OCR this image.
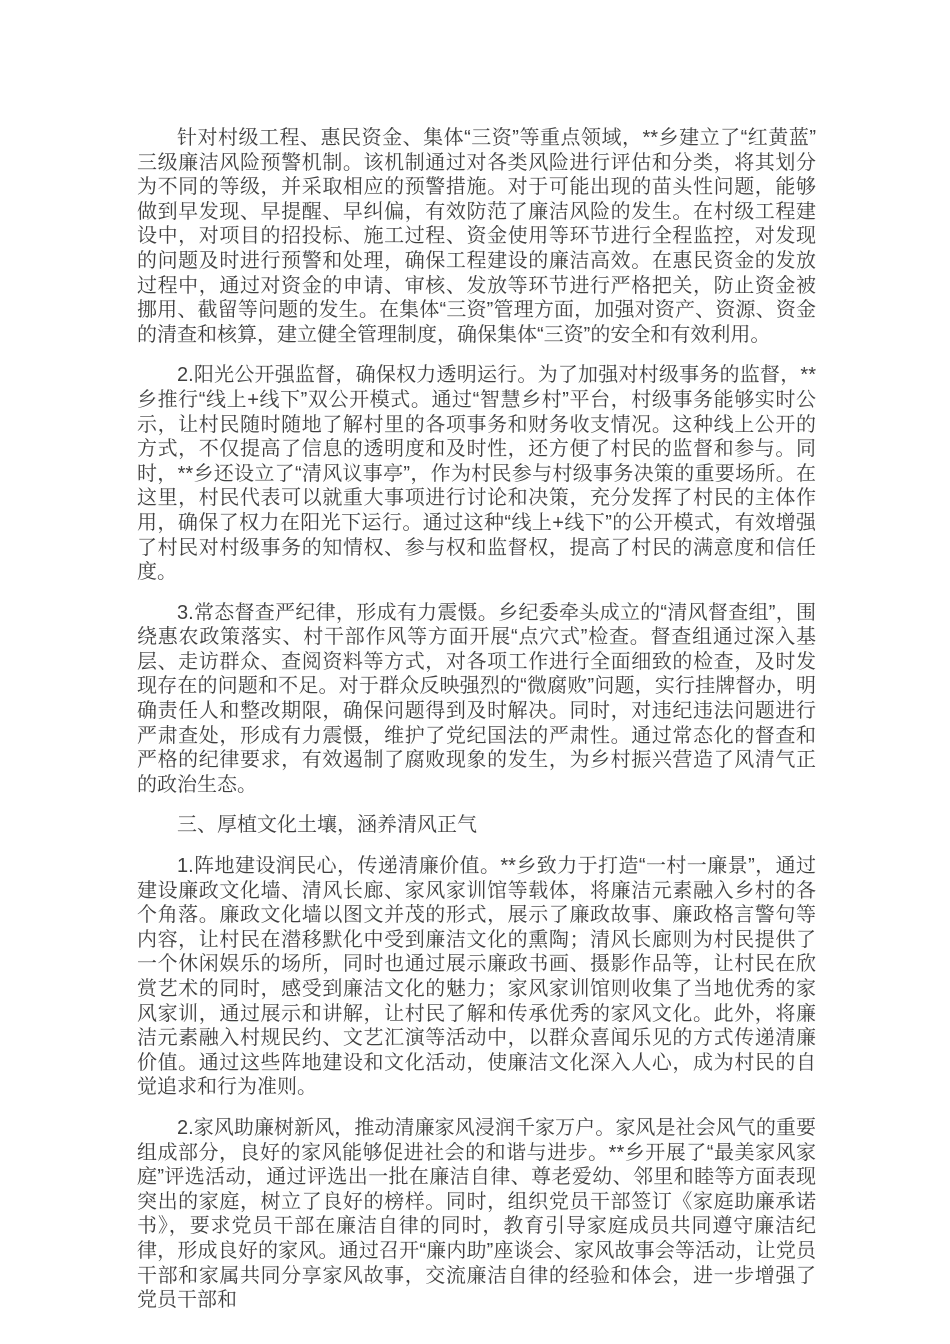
针对村级工程、惠民资金、集体“三资”等重点领域，**乡建立了“红黄蓝”三级廉洁风险预警机制。该机制通过对各类风险进行评估和分类，将其划分为不同的等级，并采取相应的预警措施。对于可能出现的苗头性问题，能够做到早发现、早提醒、早纠偏，有效防范了廉洁风险的发生。在村级工程建设中，对项目的招投标、施工过程、资金使用等环节进行全程监控，对发现的问题及时进行预警和处理，确保工程建设的廉洁高效。在惠民资金的发放过程中，通过对资金的申请、审核、发放等环节进行严格把关，防止资金被挪用、截留等问题的发生。在集体“三资”管理方面，加强对资产、资源、资金的清查和核算，建立健全管理制度，确保集体“三资”的安全和有效利用。

2.阳光公开强监督，确保权力透明运行。为了加强对村级事务的监督，**乡推行“线上+线下”双公开模式。通过“智慧乡村”平台，村级事务能够实时公示，让村民随时随地了解村里的各项事务和财务收支情况。这种线上公开的方式，不仅提高了信息的透明度和及时性，还方便了村民的监督和参与。同时，**乡还设立了“清风议事亭”，作为村民参与村级事务决策的重要场所。在这里，村民代表可以就重大事项进行讨论和决策，充分发挥了村民的主体作用，确保了权力在阳光下运行。通过这种“线上+线下”的公开模式，有效增强了村民对村级事务的知情权、参与权和监督权，提高了村民的满意度和信任度。

3.常态督查严纪律，形成有力震慑。乡纪委牵头成立的“清风督查组”，围绕惠农政策落实、村干部作风等方面开展“点穴式”检查。督查组通过深入基层、走访群众、查阅资料等方式，对各项工作进行全面细致的检查，及时发现存在的问题和不足。对于群众反映强烈的“微腐败”问题，实行挂牌督办，明确责任人和整改期限，确保问题得到及时解决。同时，对违纪违法问题进行严肃查处，形成有力震慑，维护了党纪国法的严肃性。通过常态化的督查和严格的纪律要求，有效遏制了腐败现象的发生，为乡村振兴营造了风清气正的政治生态。

三、厚植文化土壤，涵养清风正气

1.阵地建设润民心，传递清廉价值。**乡致力于打造“一村一廉景”，通过建设廉政文化墙、清风长廊、家风家训馆等载体，将廉洁元素融入乡村的各个角落。廉政文化墙以图文并茂的形式，展示了廉政故事、廉政格言警句等内容，让村民在潜移默化中受到廉洁文化的熏陶；清风长廊则为村民提供了一个休闲娱乐的场所，同时也通过展示廉政书画、摄影作品等，让村民在欣赏艺术的同时，感受到廉洁文化的魅力；家风家训馆则收集了当地优秀的家风家训，通过展示和讲解，让村民了解和传承优秀的家风文化。此外，将廉洁元素融入村规民约、文艺汇演等活动中，以群众喜闻乐见的方式传递清廉价值。通过这些阵地建设和文化活动，使廉洁文化深入人心，成为村民的自觉追求和行为准则。

2.家风助廉树新风，推动清廉家风浸润千家万户。家风是社会风气的重要组成部分，良好的家风能够促进社会的和谐与进步。**乡开展了“最美家风家庭”评选活动，通过评选出一批在廉洁自律、尊老爱幼、邻里和睦等方面表现突出的家庭，树立了良好的榜样。同时，组织党员干部签订《家庭助廉承诺书》，要求党员干部在廉洁自律的同时，教育引导家庭成员共同遵守廉洁纪律，形成良好的家风。通过召开“廉内助”座谈会、家风故事会等活动，让党员干部和家属共同分享家风故事，交流廉洁自律的经验和体会，进一步增强了党员干部和
